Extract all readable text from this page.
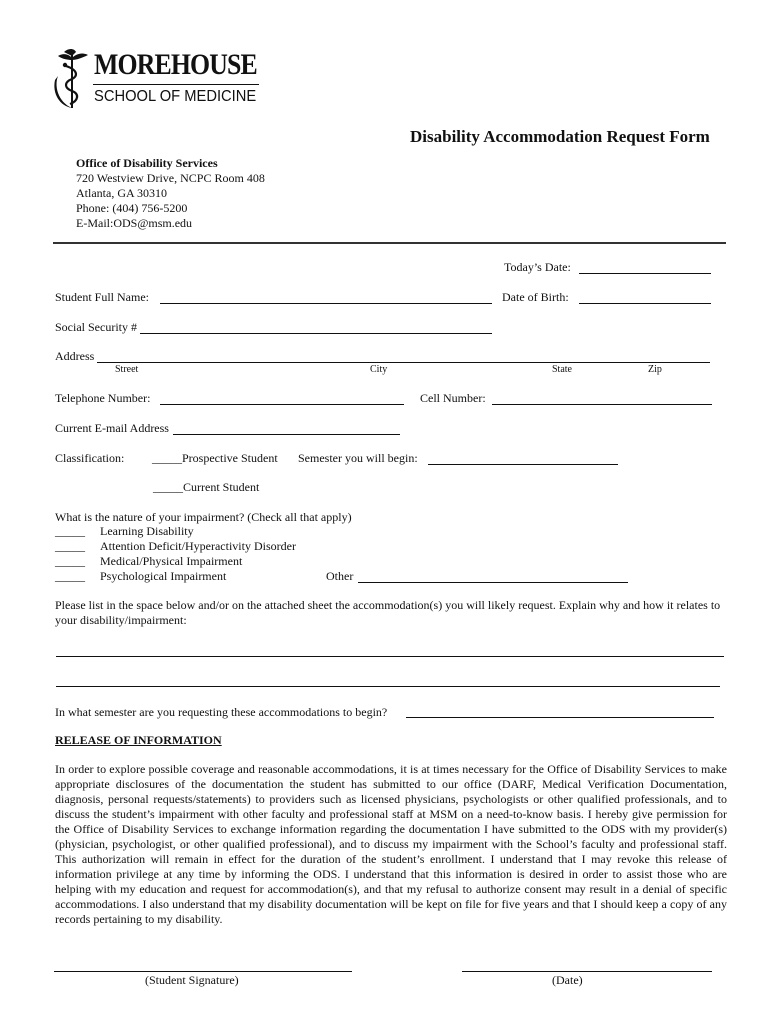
MOREHOUSE
SCHOOL OF MEDICINE
Disability Accommodation Request Form
Office of Disability Services
720 Westview Drive, NCPC Room 408
Atlanta, GA 30310
Phone: (404) 756-5200
E-Mail:ODS@msm.edu
Today’s Date:
Student Full Name:	Date of Birth:
Social Security #
Address
Street	City	State	Zip
Telephone Number:	Cell Number:
Current E-mail Address
Classification: _____Prospective Student Semester you will begin:
_____Current Student
What is the nature of your impairment? (Check all that apply)
_____ Learning Disability
_____ Attention Deficit/Hyperactivity Disorder
_____ Medical/Physical Impairment
_____ Psychological Impairment	Other
Please list in the space below and/or on the attached sheet the accommodation(s) you will likely request. Explain why and how it relates to your disability/impairment:
In what semester are you requesting these accommodations to begin?
RELEASE OF INFORMATION
In order to explore possible coverage and reasonable accommodations, it is at times necessary for the Office of Disability Services to make appropriate disclosures of the documentation the student has submitted to our office (DARF, Medical Verification Documentation, diagnosis, personal requests/statements) to providers such as licensed physicians, psychologists or other qualified professionals, and to discuss the student’s impairment with other faculty and professional staff at MSM on a need-to-know basis. I hereby give permission for the Office of Disability Services to exchange information regarding the documentation I have submitted to the ODS with my provider(s) (physician, psychologist, or other qualified professional), and to discuss my impairment with the School’s faculty and professional staff. This authorization will remain in effect for the duration of the student’s enrollment. I understand that I may revoke this release of information privilege at any time by informing the ODS. I understand that this information is desired in order to assist those who are helping with my education and request for accommodation(s), and that my refusal to authorize consent may result in a denial of specific accommodations. I also understand that my disability documentation will be kept on file for five years and that I should keep a copy of any records pertaining to my disability.
(Student Signature)	(Date)
